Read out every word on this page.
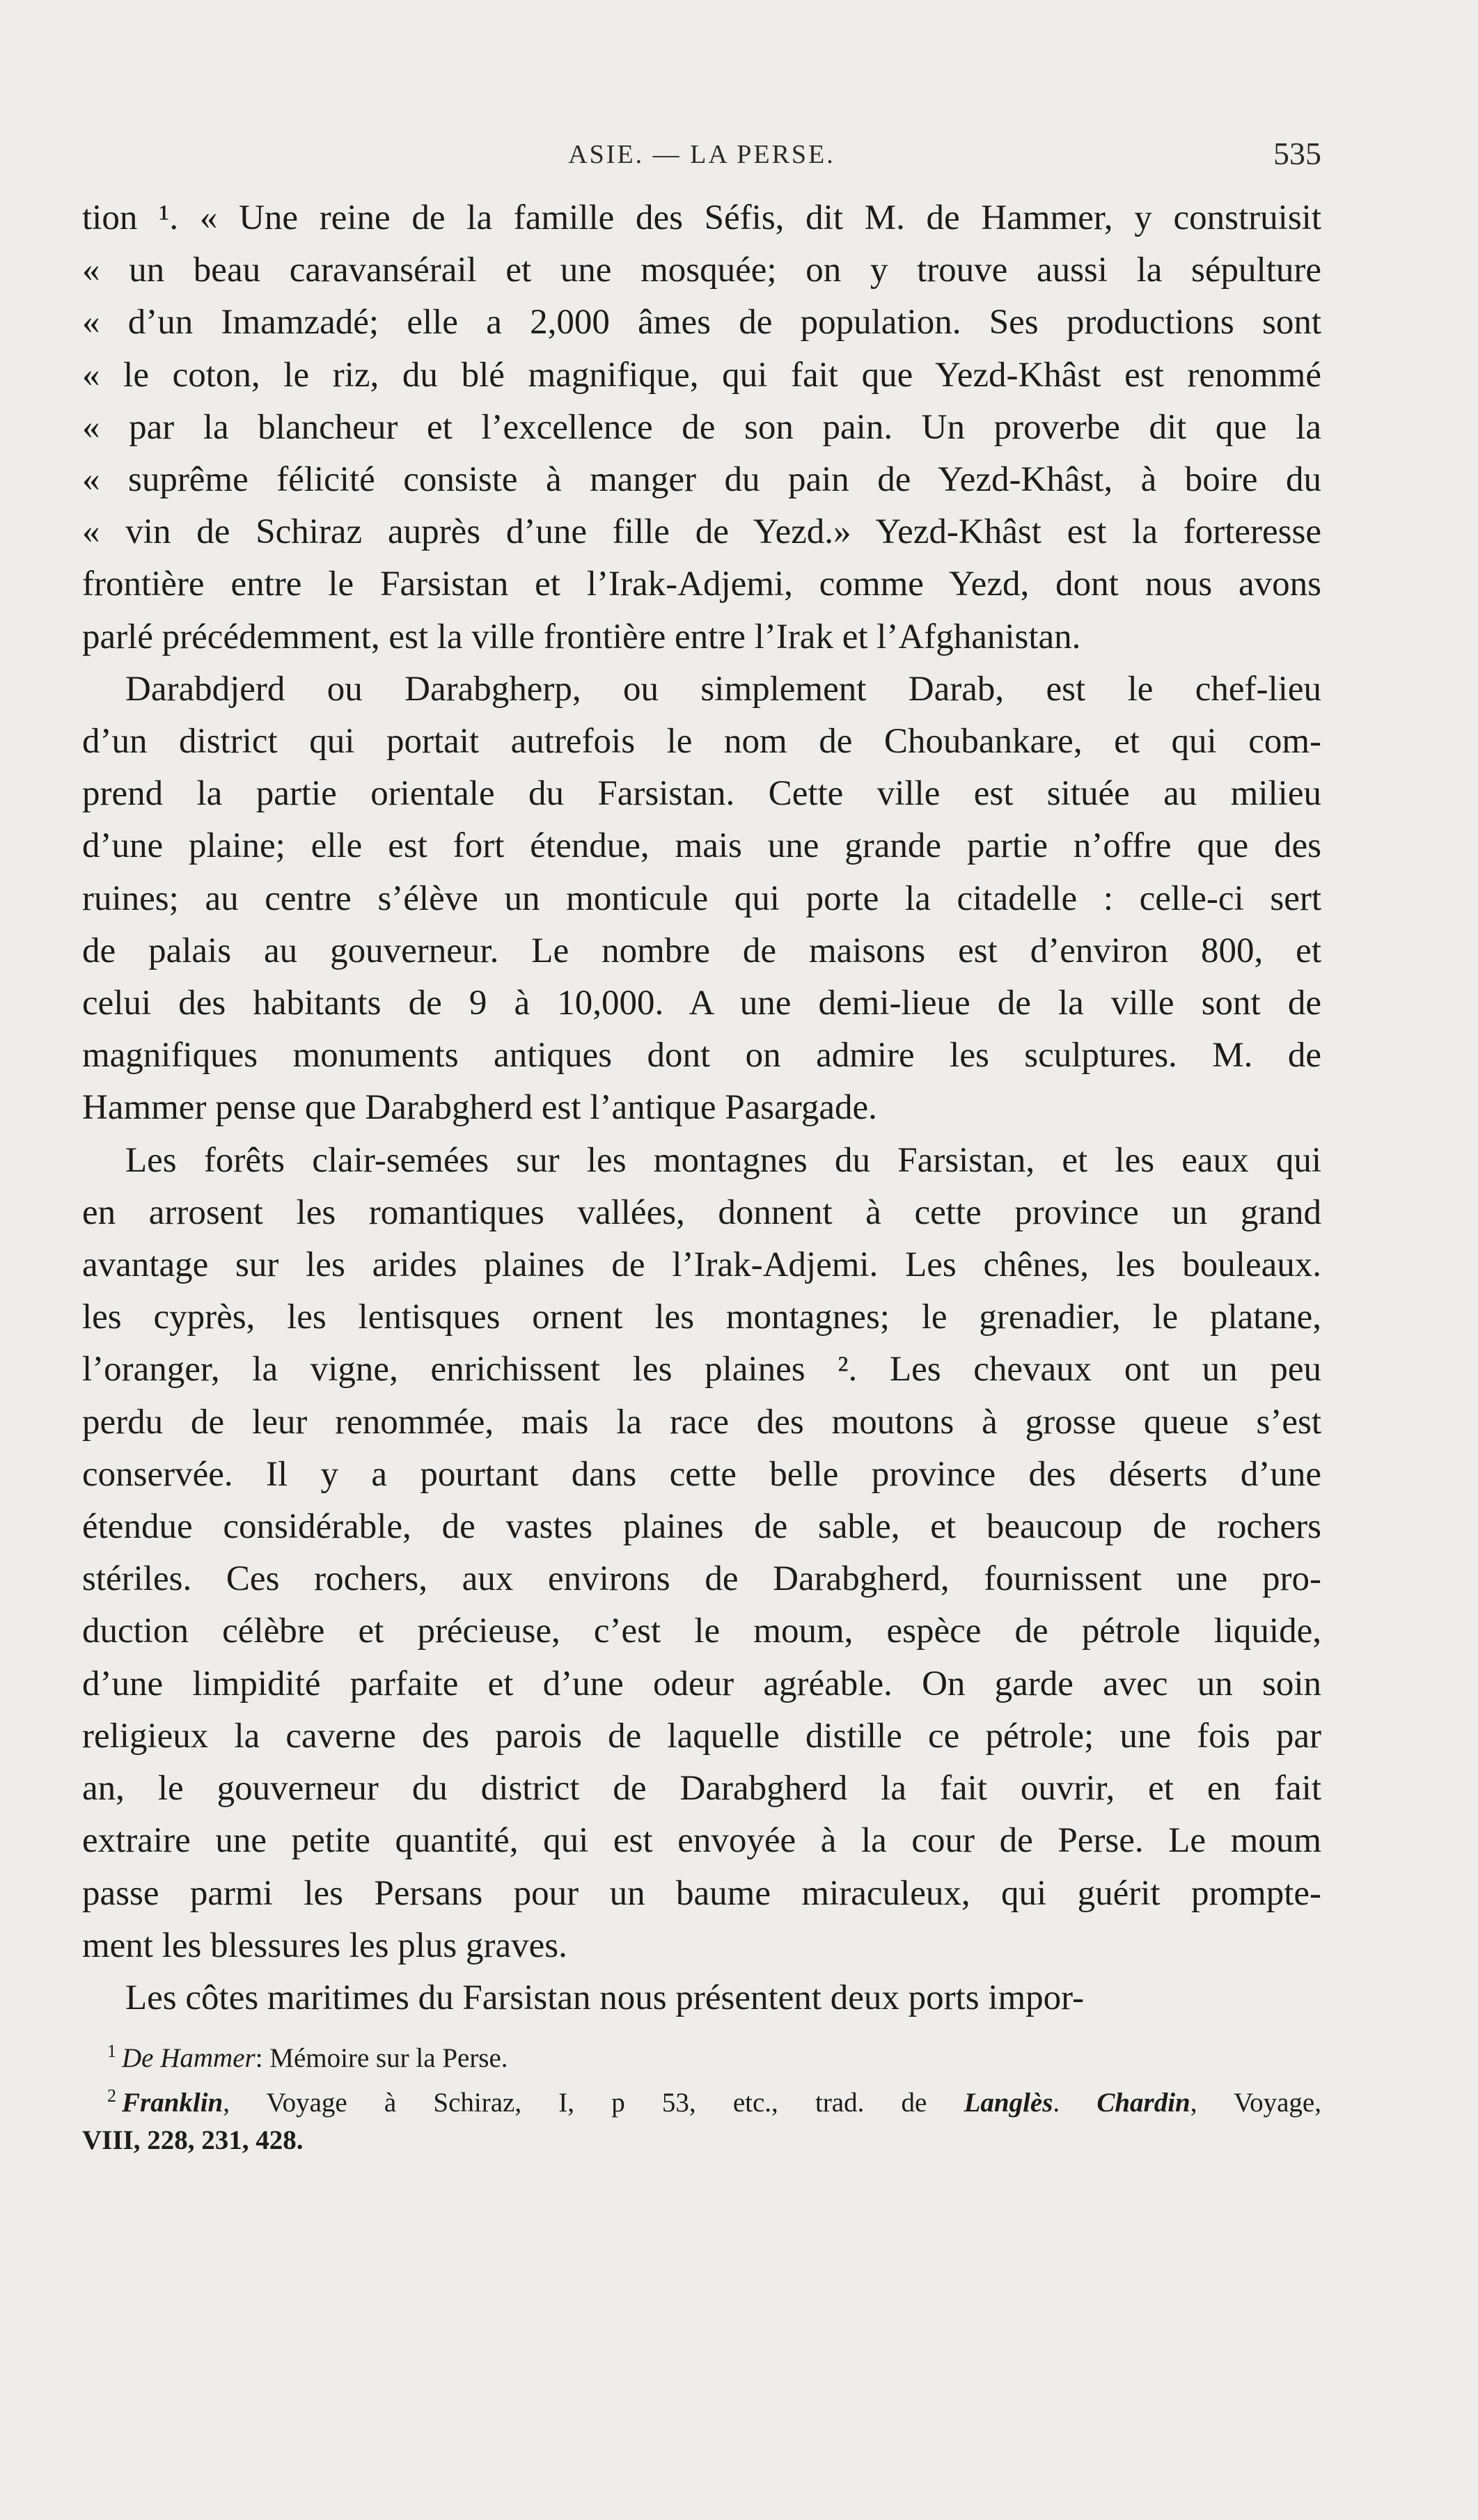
ASIE. — LA PERSE.	535
tion ¹. « Une reine de la famille des Séfis, dit M. de Hammer, y construisit
« un beau caravansérail et une mosquée; on y trouve aussi la sépulture
« d’un Imamzadé; elle a 2,000 âmes de population. Ses productions sont
« le coton, le riz, du blé magnifique, qui fait que Yezd-Khâst est renommé
« par la blancheur et l’excellence de son pain. Un proverbe dit que la
« suprême félicité consiste à manger du pain de Yezd-Khâst, à boire du
« vin de Schiraz auprès d’une fille de Yezd.» Yezd-Khâst est la forteresse
frontière entre le Farsistan et l’Irak-Adjemi, comme Yezd, dont nous avons
parlé précédemment, est la ville frontière entre l’Irak et l’Afghanistan.
Darabdjerd ou Darabgherp, ou simplement Darab, est le chef-lieu
d’un district qui portait autrefois le nom de Choubankare, et qui com-
prend la partie orientale du Farsistan. Cette ville est située au milieu
d’une plaine; elle est fort étendue, mais une grande partie n’offre que des
ruines; au centre s’élève un monticule qui porte la citadelle : celle-ci sert
de palais au gouverneur. Le nombre de maisons est d’environ 800, et
celui des habitants de 9 à 10,000. A une demi-lieue de la ville sont de
magnifiques monuments antiques dont on admire les sculptures. M. de
Hammer pense que Darabgherd est l’antique Pasargade.
Les forêts clair-semées sur les montagnes du Farsistan, et les eaux qui
en arrosent les romantiques vallées, donnent à cette province un grand
avantage sur les arides plaines de l’Irak-Adjemi. Les chênes, les bouleaux.
les cyprès, les lentisques ornent les montagnes; le grenadier, le platane,
l’oranger, la vigne, enrichissent les plaines ². Les chevaux ont un peu
perdu de leur renommée, mais la race des moutons à grosse queue s’est
conservée. Il y a pourtant dans cette belle province des déserts d’une
étendue considérable, de vastes plaines de sable, et beaucoup de rochers
stériles. Ces rochers, aux environs de Darabgherd, fournissent une pro-
duction célèbre et précieuse, c’est le moum, espèce de pétrole liquide,
d’une limpidité parfaite et d’une odeur agréable. On garde avec un soin
religieux la caverne des parois de laquelle distille ce pétrole; une fois par
an, le gouverneur du district de Darabgherd la fait ouvrir, et en fait
extraire une petite quantité, qui est envoyée à la cour de Perse. Le moum
passe parmi les Persans pour un baume miraculeux, qui guérit prompte-
ment les blessures les plus graves.
Les côtes maritimes du Farsistan nous présentent deux ports impor-
$^1$ De Hammer: Mémoire sur la Perse.
$^2$ Franklin, Voyage à Schiraz, I, p 53, etc., trad. de Langlès. Chardin, Voyage,
VIII, 228, 231, 428.
